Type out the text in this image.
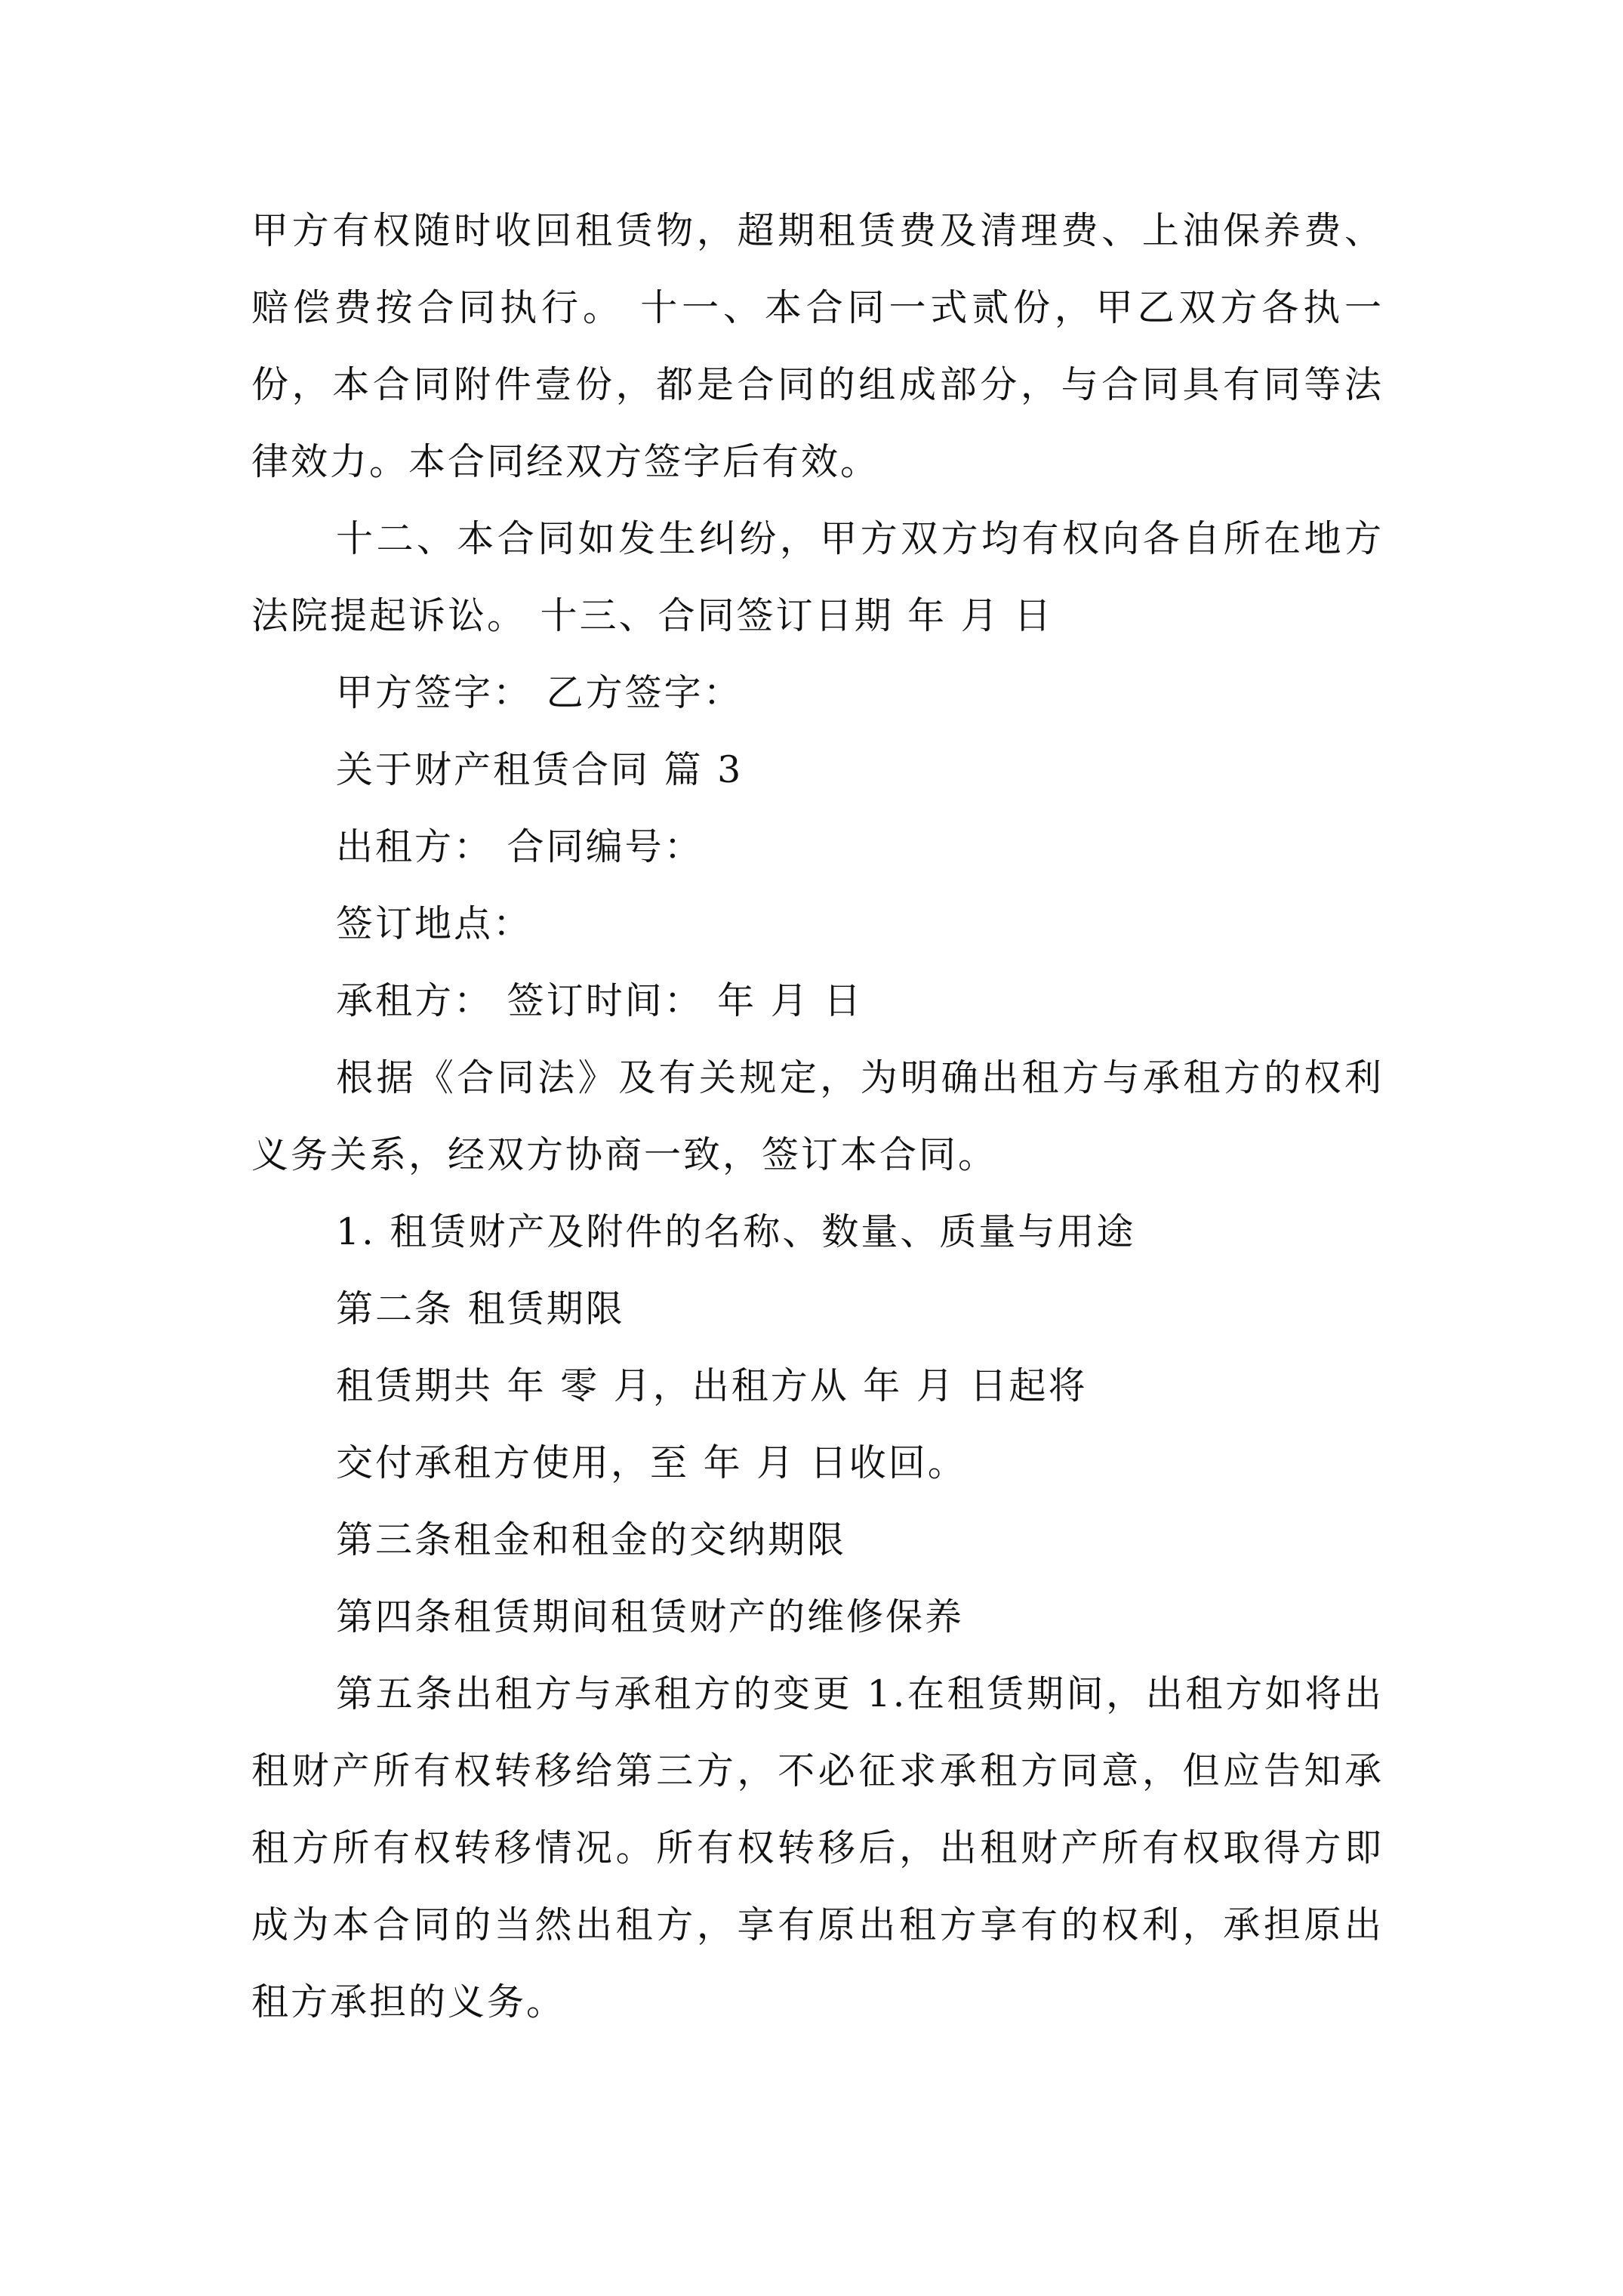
甲方有权随时收回租赁物，超期租赁费及清理费、上油保养费、赔偿费按合同执行。 十一、本合同一式贰份，甲乙双方各执一份，本合同附件壹份，都是合同的组成部分，与合同具有同等法律效力。本合同经双方签字后有效。

十二、本合同如发生纠纷，甲方双方均有权向各自所在地方法院提起诉讼。 十三、合同签订日期 年 月 日

甲方签字： 乙方签字：

关于财产租赁合同 篇 3

出租方： 合同编号：

签订地点：

承租方： 签订时间： 年 月 日

根据《合同法》及有关规定，为明确出租方与承租方的权利义务关系，经双方协商一致，签订本合同。

1. 租赁财产及附件的名称、数量、质量与用途

第二条 租赁期限

租赁期共 年 零 月，出租方从 年 月 日起将

交付承租方使用，至 年 月 日收回。

第三条租金和租金的交纳期限

第四条租赁期间租赁财产的维修保养

第五条出租方与承租方的变更 1.在租赁期间，出租方如将出租财产所有权转移给第三方，不必征求承租方同意，但应告知承租方所有权转移情况。所有权转移后，出租财产所有权取得方即成为本合同的当然出租方，享有原出租方享有的权利，承担原出租方承担的义务。
